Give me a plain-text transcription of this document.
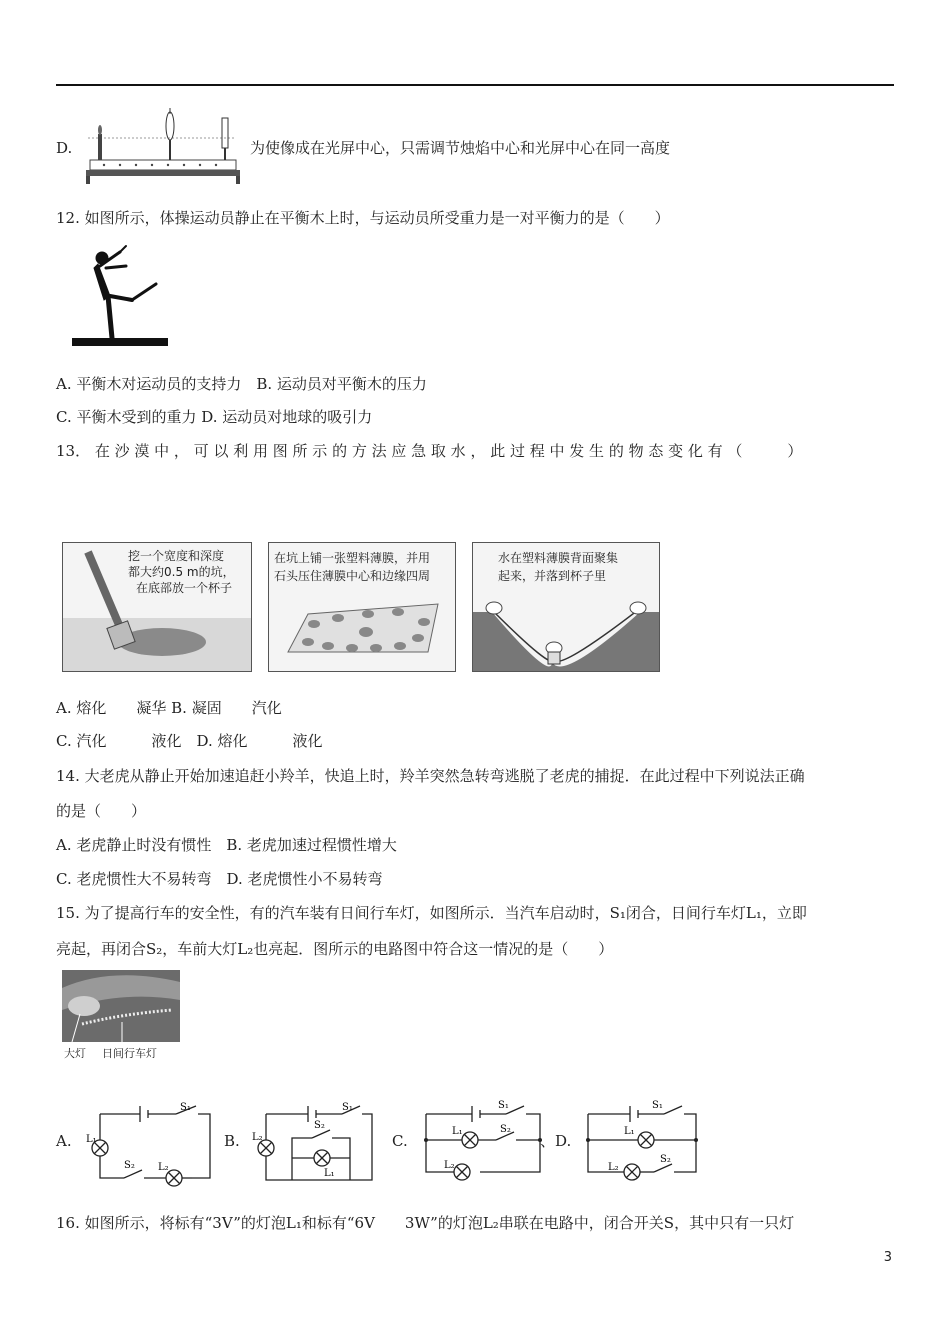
D.	为使像成在光屏中心，只需调节烛焰中心和光屏中心在同一高度
12. 如图所示，体操运动员静止在平衡木上时，与运动员所受重力是一对平衡力的是（　　）
A. 平衡木对运动员的支持力　B. 运动员对平衡木的压力
C. 平衡木受到的重力 D. 运动员对地球的吸引力
13． 在 沙 漠 中 ， 可 以 利 用 图 所 示 的 方 法 应 急 取 水 ， 此 过 程 中 发 生 的 物 态 变 化 有 （　　　）
挖一个宽度和深度
都大约0.5 m的坑，
在底部放一个杯子
在坑上铺一张塑料薄膜，并用
石头压住薄膜中心和边缘四周
水在塑料薄膜背面聚集
起来，并落到杯子里
A. 熔化　　凝华 B. 凝固　　汽化
C. 汽化　　　液化　D. 熔化　　　液化
14. 大老虎从静止开始加速追赶小羚羊，快追上时，羚羊突然急转弯逃脱了老虎的捕捉．在此过程中下列说法正确
的是（　　）
A. 老虎静止时没有惯性　B. 老虎加速过程惯性增大
C. 老虎惯性大不易转弯　D. 老虎惯性小不易转弯
15. 为了提高行车的安全性，有的汽车装有日间行车灯，如图所示．当汽车启动时，S₁闭合，日间行车灯L₁，立即
亮起，再闭合S₂，车前大灯L₂也亮起．图所示的电路图中符合这一情况的是（　　）
大灯 日间行车灯
A. L₁
S₁
S₂ L₂
B. L₂
S₁
S₂
L₁
C.
S₁
L₁	S₂
L₂
、D.
S₁
L₁
L₂
S₂
16. 如图所示，将标有“3V”的灯泡L₁和标有“6V　　3W”的灯泡L₂串联在电路中，闭合开关S，其中只有一只灯
3
